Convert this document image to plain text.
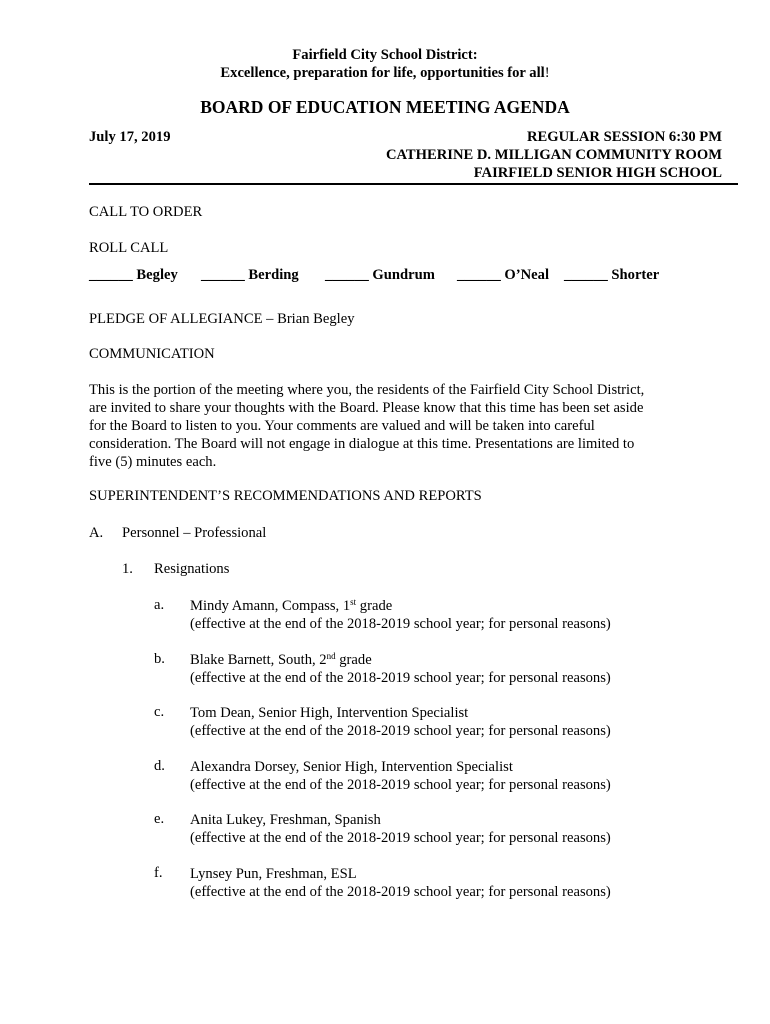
Fairfield City School District:
Excellence, preparation for life, opportunities for all!
BOARD OF EDUCATION MEETING AGENDA
July 17, 2019	REGULAR SESSION 6:30 PM
CATHERINE D. MILLIGAN COMMUNITY ROOM
FAIRFIELD SENIOR HIGH SCHOOL
CALL TO ORDER
ROLL CALL
______ Begley ______ Berding ______ Gundrum ______ O’Neal ______ Shorter
PLEDGE OF ALLEGIANCE – Brian Begley
COMMUNICATION
This is the portion of the meeting where you, the residents of the Fairfield City School District,
are invited to share your thoughts with the Board. Please know that this time has been set aside
for the Board to listen to you. Your comments are valued and will be taken into careful
consideration. The Board will not engage in dialogue at this time. Presentations are limited to
five (5) minutes each.
SUPERINTENDENT’S RECOMMENDATIONS AND REPORTS
A. Personnel – Professional
1. Resignations
a. Mindy Amann, Compass, 1st grade
(effective at the end of the 2018-2019 school year; for personal reasons)
b. Blake Barnett, South, 2nd grade
(effective at the end of the 2018-2019 school year; for personal reasons)
c. Tom Dean, Senior High, Intervention Specialist
(effective at the end of the 2018-2019 school year; for personal reasons)
d. Alexandra Dorsey, Senior High, Intervention Specialist
(effective at the end of the 2018-2019 school year; for personal reasons)
e. Anita Lukey, Freshman, Spanish
(effective at the end of the 2018-2019 school year; for personal reasons)
f. Lynsey Pun, Freshman, ESL
(effective at the end of the 2018-2019 school year; for personal reasons)
